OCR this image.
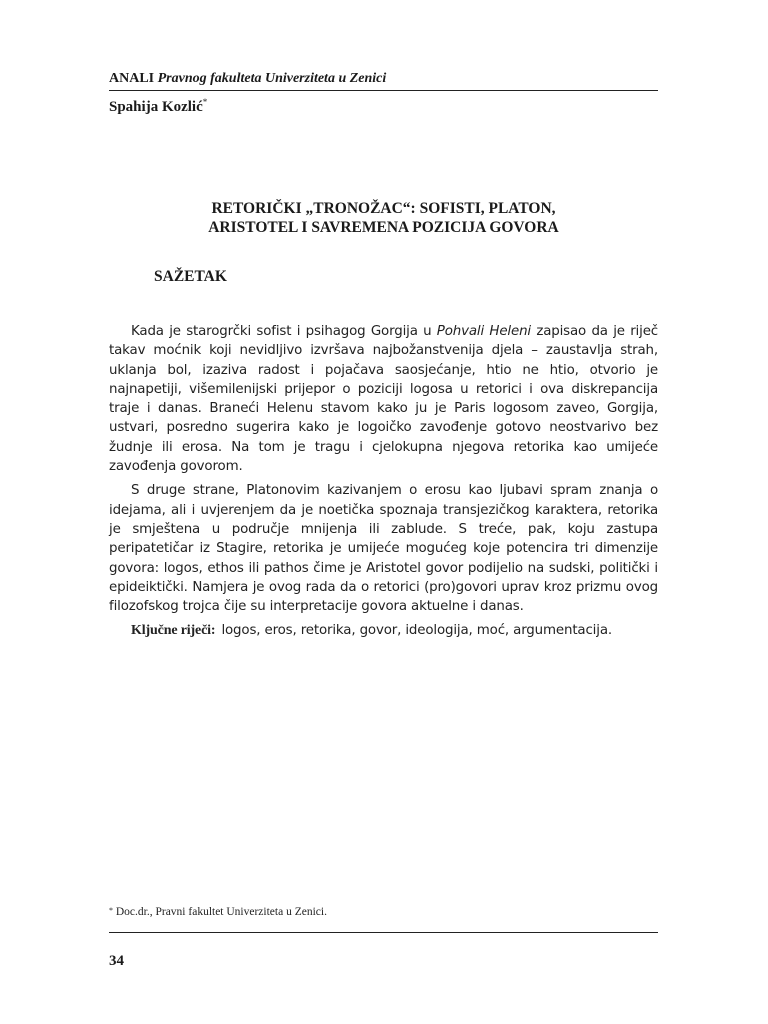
ANALI Pravnog fakulteta Univerziteta u Zenici
Spahija Kozlić*
RETORIČKI „TRONOŽAC“: SOFISTI, PLATON,
ARISTOTEL I SAVREMENA POZICIJA GOVORA
SAŽETAK

Kada je starogrčki sofist i psihagog Gorgija u Pohvali Heleni zapisao da je riječ takav moćnik koji nevidljivo izvršava najbožanstvenija djela – zaustavlja strah, uklanja bol, izaziva radost i pojačava saosjećanje, htio ne htio, otvorio je najnapetiji, višemilenijski prijepor o poziciji logosa u retorici i ova diskrepancija traje i danas. Braneći Helenu stavom kako ju je Paris logosom zaveo, Gorgija, ustvari, posredno sugerira kako je logoičko zavođenje gotovo neostvarivo bez žudnje ili erosa. Na tom je tragu i cjelokupna njegova retorika kao umijeće zavođenja govorom.

S druge strane, Platonovim kazivanjem o erosu kao ljubavi spram znanja o idejama, ali i uvjerenjem da je noetička spoznaja transjezičkog karaktera, retorika je smještena u područje mnijenja ili zablude. S treće, pak, koju zastupa peripatetičar iz Stagire, retorika je umijeće mogućeg koje potencira tri dimenzije govora: logos, ethos ili pathos čime je Aristotel govor podijelio na sudski, politički i epideiktički. Namjera je ovog rada da o retorici (pro)govori uprav kroz prizmu ovog filozofskog trojca čije su interpretacije govora aktuelne i danas.

Ključne riječi: logos, eros, retorika, govor, ideologija, moć, argumentacija.

* Doc.dr., Pravni fakultet Univerziteta u Zenici.
34
